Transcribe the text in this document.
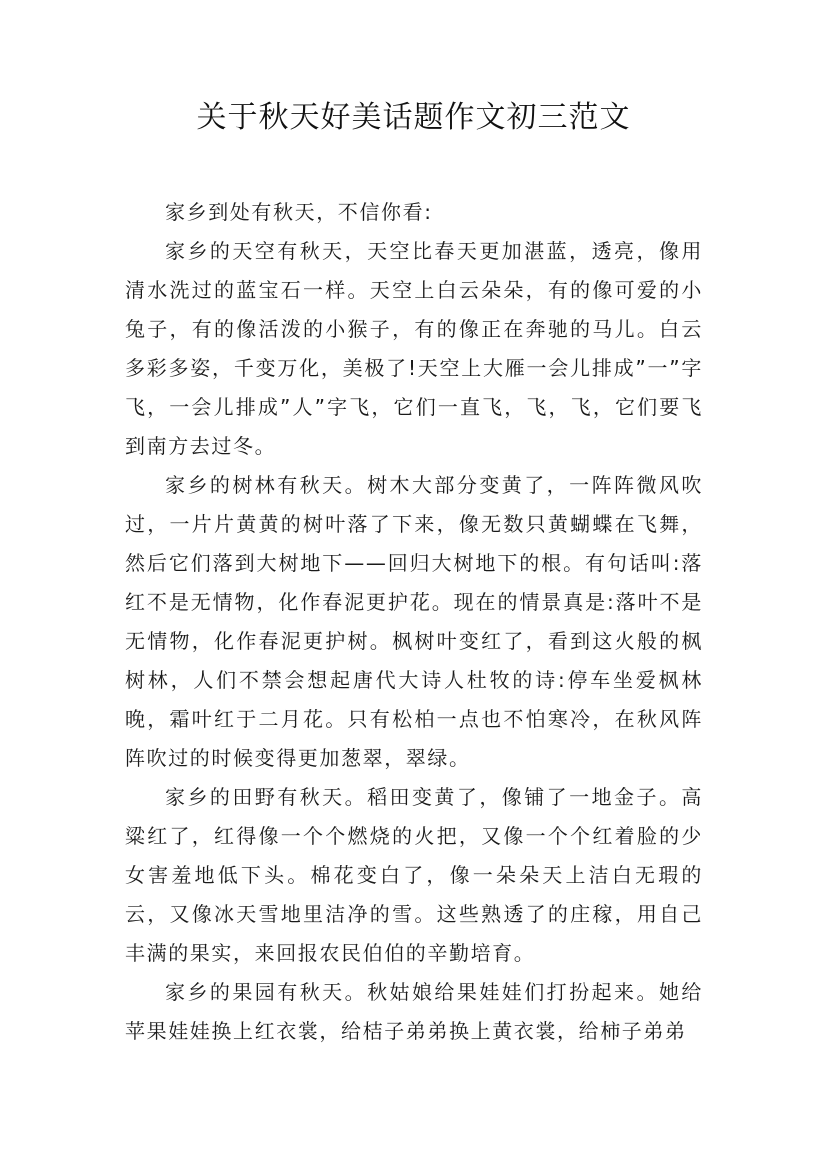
关于秋天好美话题作文初三范文

家乡到处有秋天，不信你看:

家乡的天空有秋天，天空比春天更加湛蓝，透亮，像用清水洗过的蓝宝石一样。天空上白云朵朵，有的像可爱的小兔子，有的像活泼的小猴子，有的像正在奔驰的马儿。白云多彩多姿，千变万化，美极了!天空上大雁一会儿排成”一”字飞，一会儿排成”人”字飞，它们一直飞，飞，飞，它们要飞到南方去过冬。

家乡的树林有秋天。树木大部分变黄了，一阵阵微风吹过，一片片黄黄的树叶落了下来，像无数只黄蝴蝶在飞舞，然后它们落到大树地下——回归大树地下的根。有句话叫:落红不是无情物，化作春泥更护花。现在的情景真是:落叶不是无情物，化作春泥更护树。枫树叶变红了，看到这火般的枫树林，人们不禁会想起唐代大诗人杜牧的诗:停车坐爱枫林晚，霜叶红于二月花。只有松柏一点也不怕寒冷，在秋风阵阵吹过的时候变得更加葱翠，翠绿。

家乡的田野有秋天。稻田变黄了，像铺了一地金子。高粱红了，红得像一个个燃烧的火把，又像一个个红着脸的少女害羞地低下头。棉花变白了，像一朵朵天上洁白无瑕的云，又像冰天雪地里洁净的雪。这些熟透了的庄稼，用自己丰满的果实，来回报农民伯伯的辛勤培育。

家乡的果园有秋天。秋姑娘给果娃娃们打扮起来。她给苹果娃娃换上红衣裳，给桔子弟弟换上黄衣裳，给柿子弟弟
